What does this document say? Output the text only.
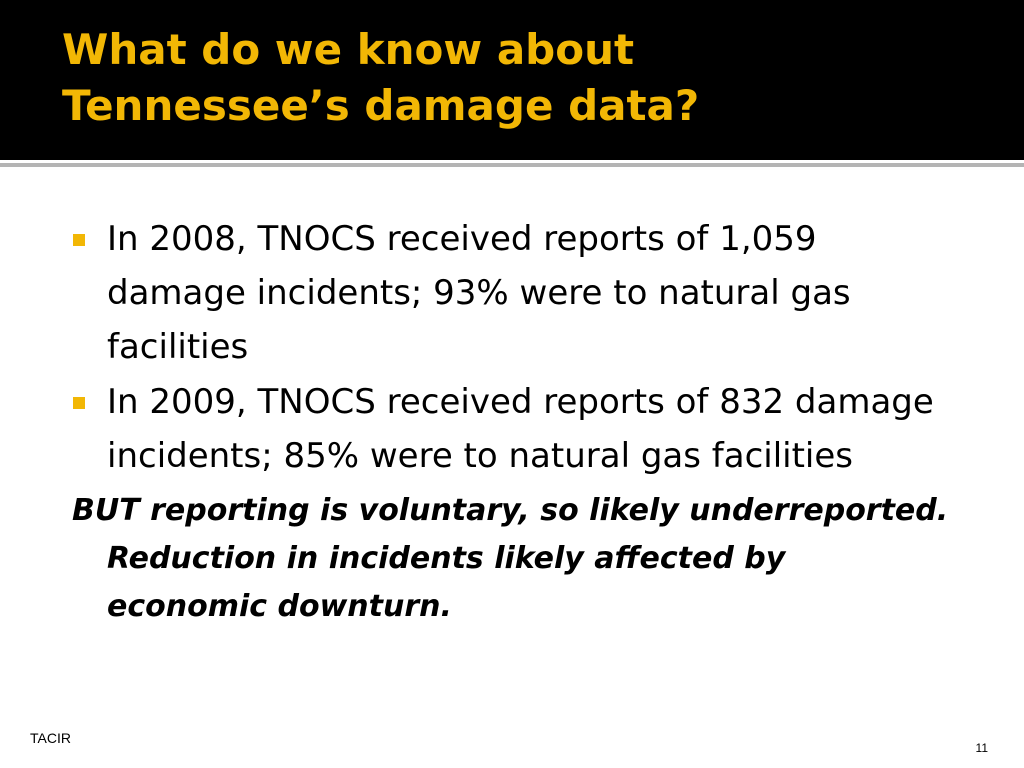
What do we know about
Tennessee’s damage data?
In 2008, TNOCS received reports of 1,059 damage incidents; 93% were to natural gas facilities
In 2009, TNOCS received reports of 832 damage incidents; 85% were to natural gas facilities

BUT reporting is voluntary, so likely underreported. Reduction in incidents likely affected by economic downturn.

TACIR
11
